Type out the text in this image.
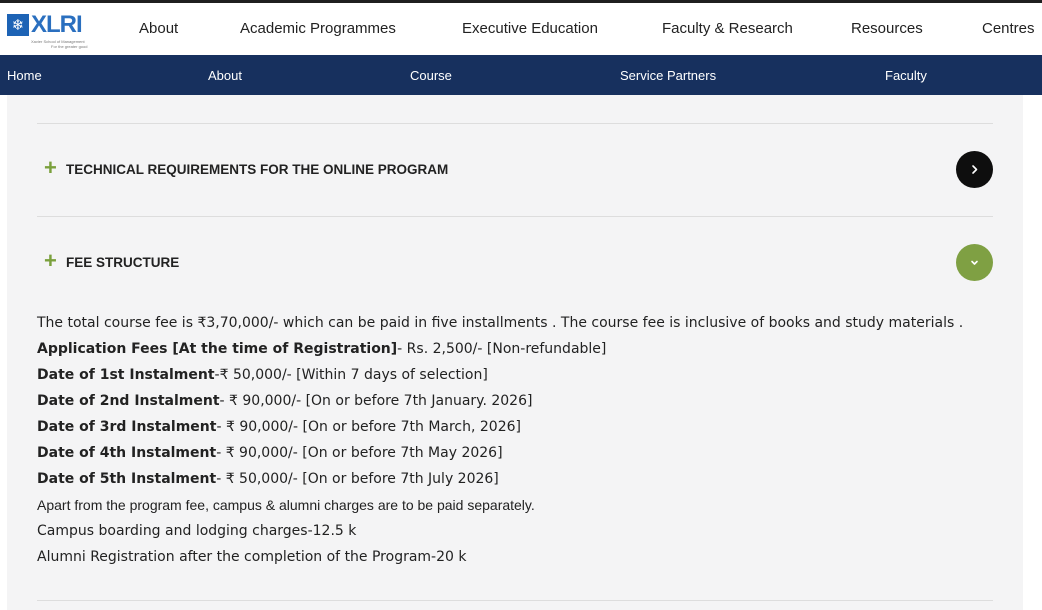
❄ XLRI
Xavier School of Management
For the greater good
About	Academic Programmes	Executive Education	Faculty & Research	Resources	Centres
Home	About	Course	Service Partners	Faculty
+ TECHNICAL REQUIREMENTS FOR THE ONLINE PROGRAM
+ FEE STRUCTURE
The total course fee is ₹3,70,000/- which can be paid in five installments . The course fee is inclusive of books and study materials .
Application Fees [At the time of Registration]- Rs. 2,500/- [Non-refundable]
Date of 1st Instalment-₹ 50,000/- [Within 7 days of selection]
Date of 2nd Instalment- ₹ 90,000/- [On or before 7th January. 2026]
Date of 3rd Instalment- ₹ 90,000/- [On or before 7th March, 2026]
Date of 4th Instalment- ₹ 90,000/- [On or before 7th May 2026]
Date of 5th Instalment- ₹ 50,000/- [On or before 7th July 2026]
Apart from the program fee, campus & alumni charges are to be paid separately.
Campus boarding and lodging charges-12.5 k
Alumni Registration after the completion of the Program-20 k
